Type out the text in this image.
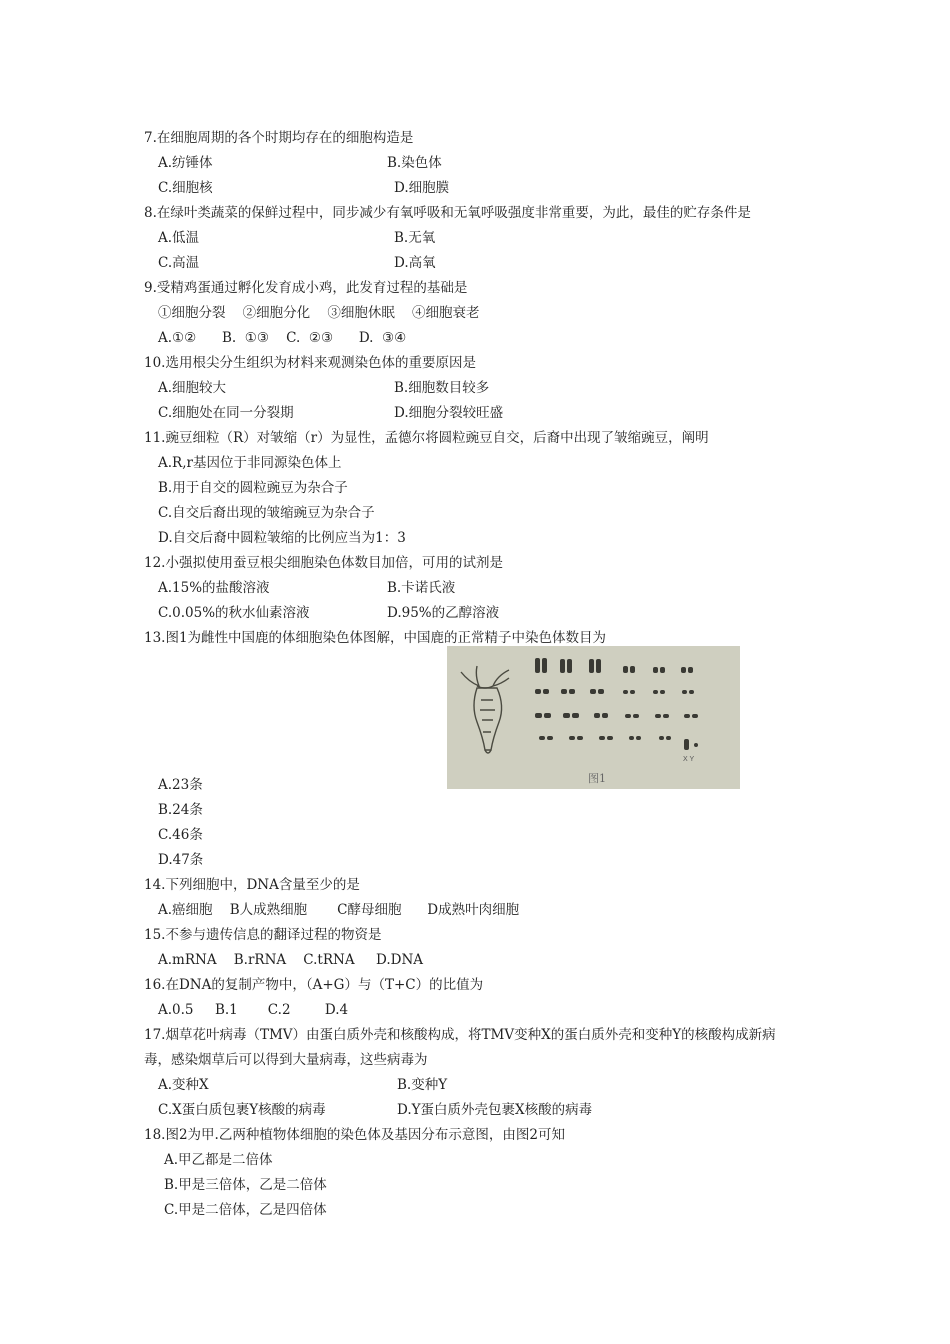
7.在细胞周期的各个时期均存在的细胞构造是
A.纺锤体	B.染色体
C.细胞核	D.细胞膜
8.在绿叶类蔬菜的保鲜过程中，同步减少有氧呼吸和无氧呼吸强度非常重要，为此，最佳的贮存条件是
A.低温	B.无氧
C.高温	D.高氧
9.受精鸡蛋通过孵化发育成小鸡，此发育过程的基础是
①细胞分裂    ②细胞分化    ③细胞休眠    ④细胞衰老
A.①②      B.  ①③    C.  ②③      D.  ③④
10.选用根尖分生组织为材料来观测染色体的重要原因是
A.细胞较大	B.细胞数目较多
C.细胞处在同一分裂期	D.细胞分裂较旺盛
11.豌豆细粒（R）对皱缩（r）为显性，孟德尔将圆粒豌豆自交，后裔中出现了皱缩豌豆，阐明
A.R,r基因位于非同源染色体上
B.用于自交的圆粒豌豆为杂合子
C.自交后裔出现的皱缩豌豆为杂合子
D.自交后裔中圆粒皱缩的比例应当为1：3
12.小强拟使用蚕豆根尖细胞染色体数目加倍，可用的试剂是
A.15%的盐酸溶液	B.卡诺氏液
C.0.05%的秋水仙素溶液	D.95%的乙醇溶液
13.图1为雌性中国鹿的体细胞染色体图解，中国鹿的正常精子中染色体数目为
X Y
图1
A.23条
B.24条
C.46条
D.47条
14.下列细胞中，DNA含量至少的是
A.癌细胞    B人成熟细胞       C酵母细胞      D成熟叶肉细胞
15.不参与遗传信息的翻译过程的物资是
A.mRNA    B.rRNA    C.tRNA     D.DNA
16.在DNA的复制产物中，（A+G）与（T+C）的比值为
A.0.5     B.1       C.2        D.4
17.烟草花叶病毒（TMV）由蛋白质外壳和核酸构成，将TMV变种X的蛋白质外壳和变种Y的核酸构成新病
毒，感染烟草后可以得到大量病毒，这些病毒为
A.变种X	B.变种Y
C.X蛋白质包裹Y核酸的病毒	D.Y蛋白质外壳包裹X核酸的病毒
18.图2为甲.乙两种植物体细胞的染色体及基因分布示意图，由图2可知
A.甲乙都是二倍体
B.甲是三倍体，乙是二倍体
C.甲是二倍体，乙是四倍体
